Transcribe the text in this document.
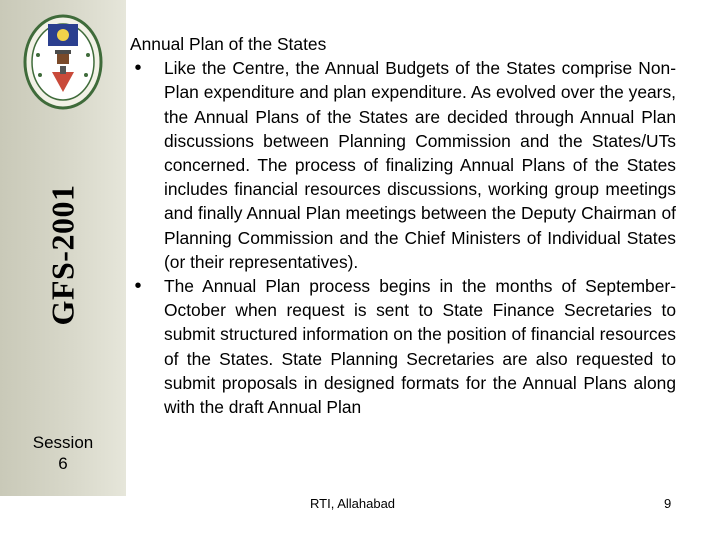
GFS-2001
Session
6
Annual Plan of the States
• Like the Centre, the Annual Budgets of the States comprise Non-Plan expenditure and plan expenditure. As evolved over the years, the Annual Plans of the States are decided through Annual Plan discussions between Planning Commission and the States/UTs concerned. The process of finalizing Annual Plans of the States includes financial resources discussions, working group meetings and finally Annual Plan meetings between the Deputy Chairman of Planning Commission and the Chief Ministers of Individual States (or their representatives).
• The Annual Plan process begins in the months of September-October when request is sent to State Finance Secretaries to submit structured information on the position of financial resources of the States. State Planning Secretaries are also requested to submit proposals in designed formats for the Annual Plans along with the draft Annual Plan
RTI, Allahabad	9
